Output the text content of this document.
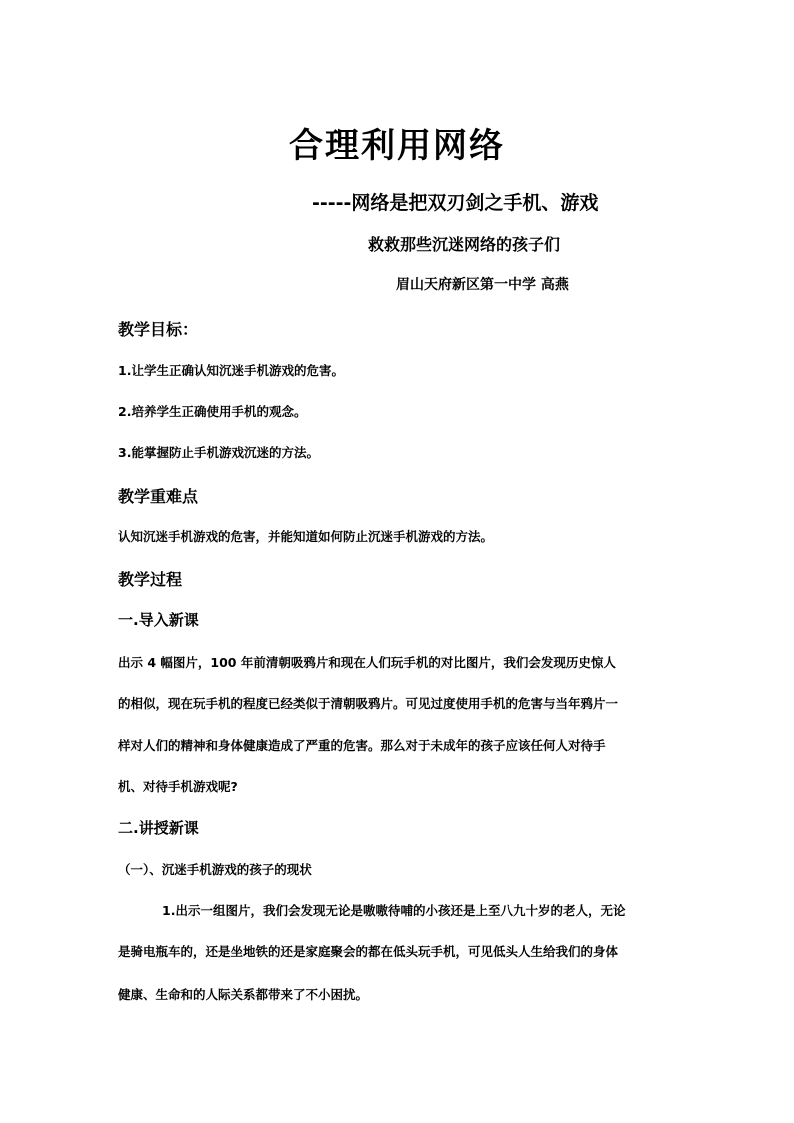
合理利用网络
-----网络是把双刃剑之手机、游戏
救救那些沉迷网络的孩子们
眉山天府新区第一中学 高燕
教学目标：
1.让学生正确认知沉迷手机游戏的危害。
2.培养学生正确使用手机的观念。
3.能掌握防止手机游戏沉迷的方法。
教学重难点
认知沉迷手机游戏的危害，并能知道如何防止沉迷手机游戏的方法。
教学过程
一.导入新课
出示 4 幅图片，100 年前清朝吸鸦片和现在人们玩手机的对比图片，我们会发现历史惊人
的相似，现在玩手机的程度已经类似于清朝吸鸦片。可见过度使用手机的危害与当年鸦片一
样对人们的精神和身体健康造成了严重的危害。那么对于未成年的孩子应该任何人对待手
机、对待手机游戏呢?
二.讲授新课
（一）、沉迷手机游戏的孩子的现状
1.出示一组图片，我们会发现无论是嗷嗷待哺的小孩还是上至八九十岁的老人，无论
是骑电瓶车的，还是坐地铁的还是家庭聚会的都在低头玩手机，可见低头人生给我们的身体
健康、生命和的人际关系都带来了不小困扰。
